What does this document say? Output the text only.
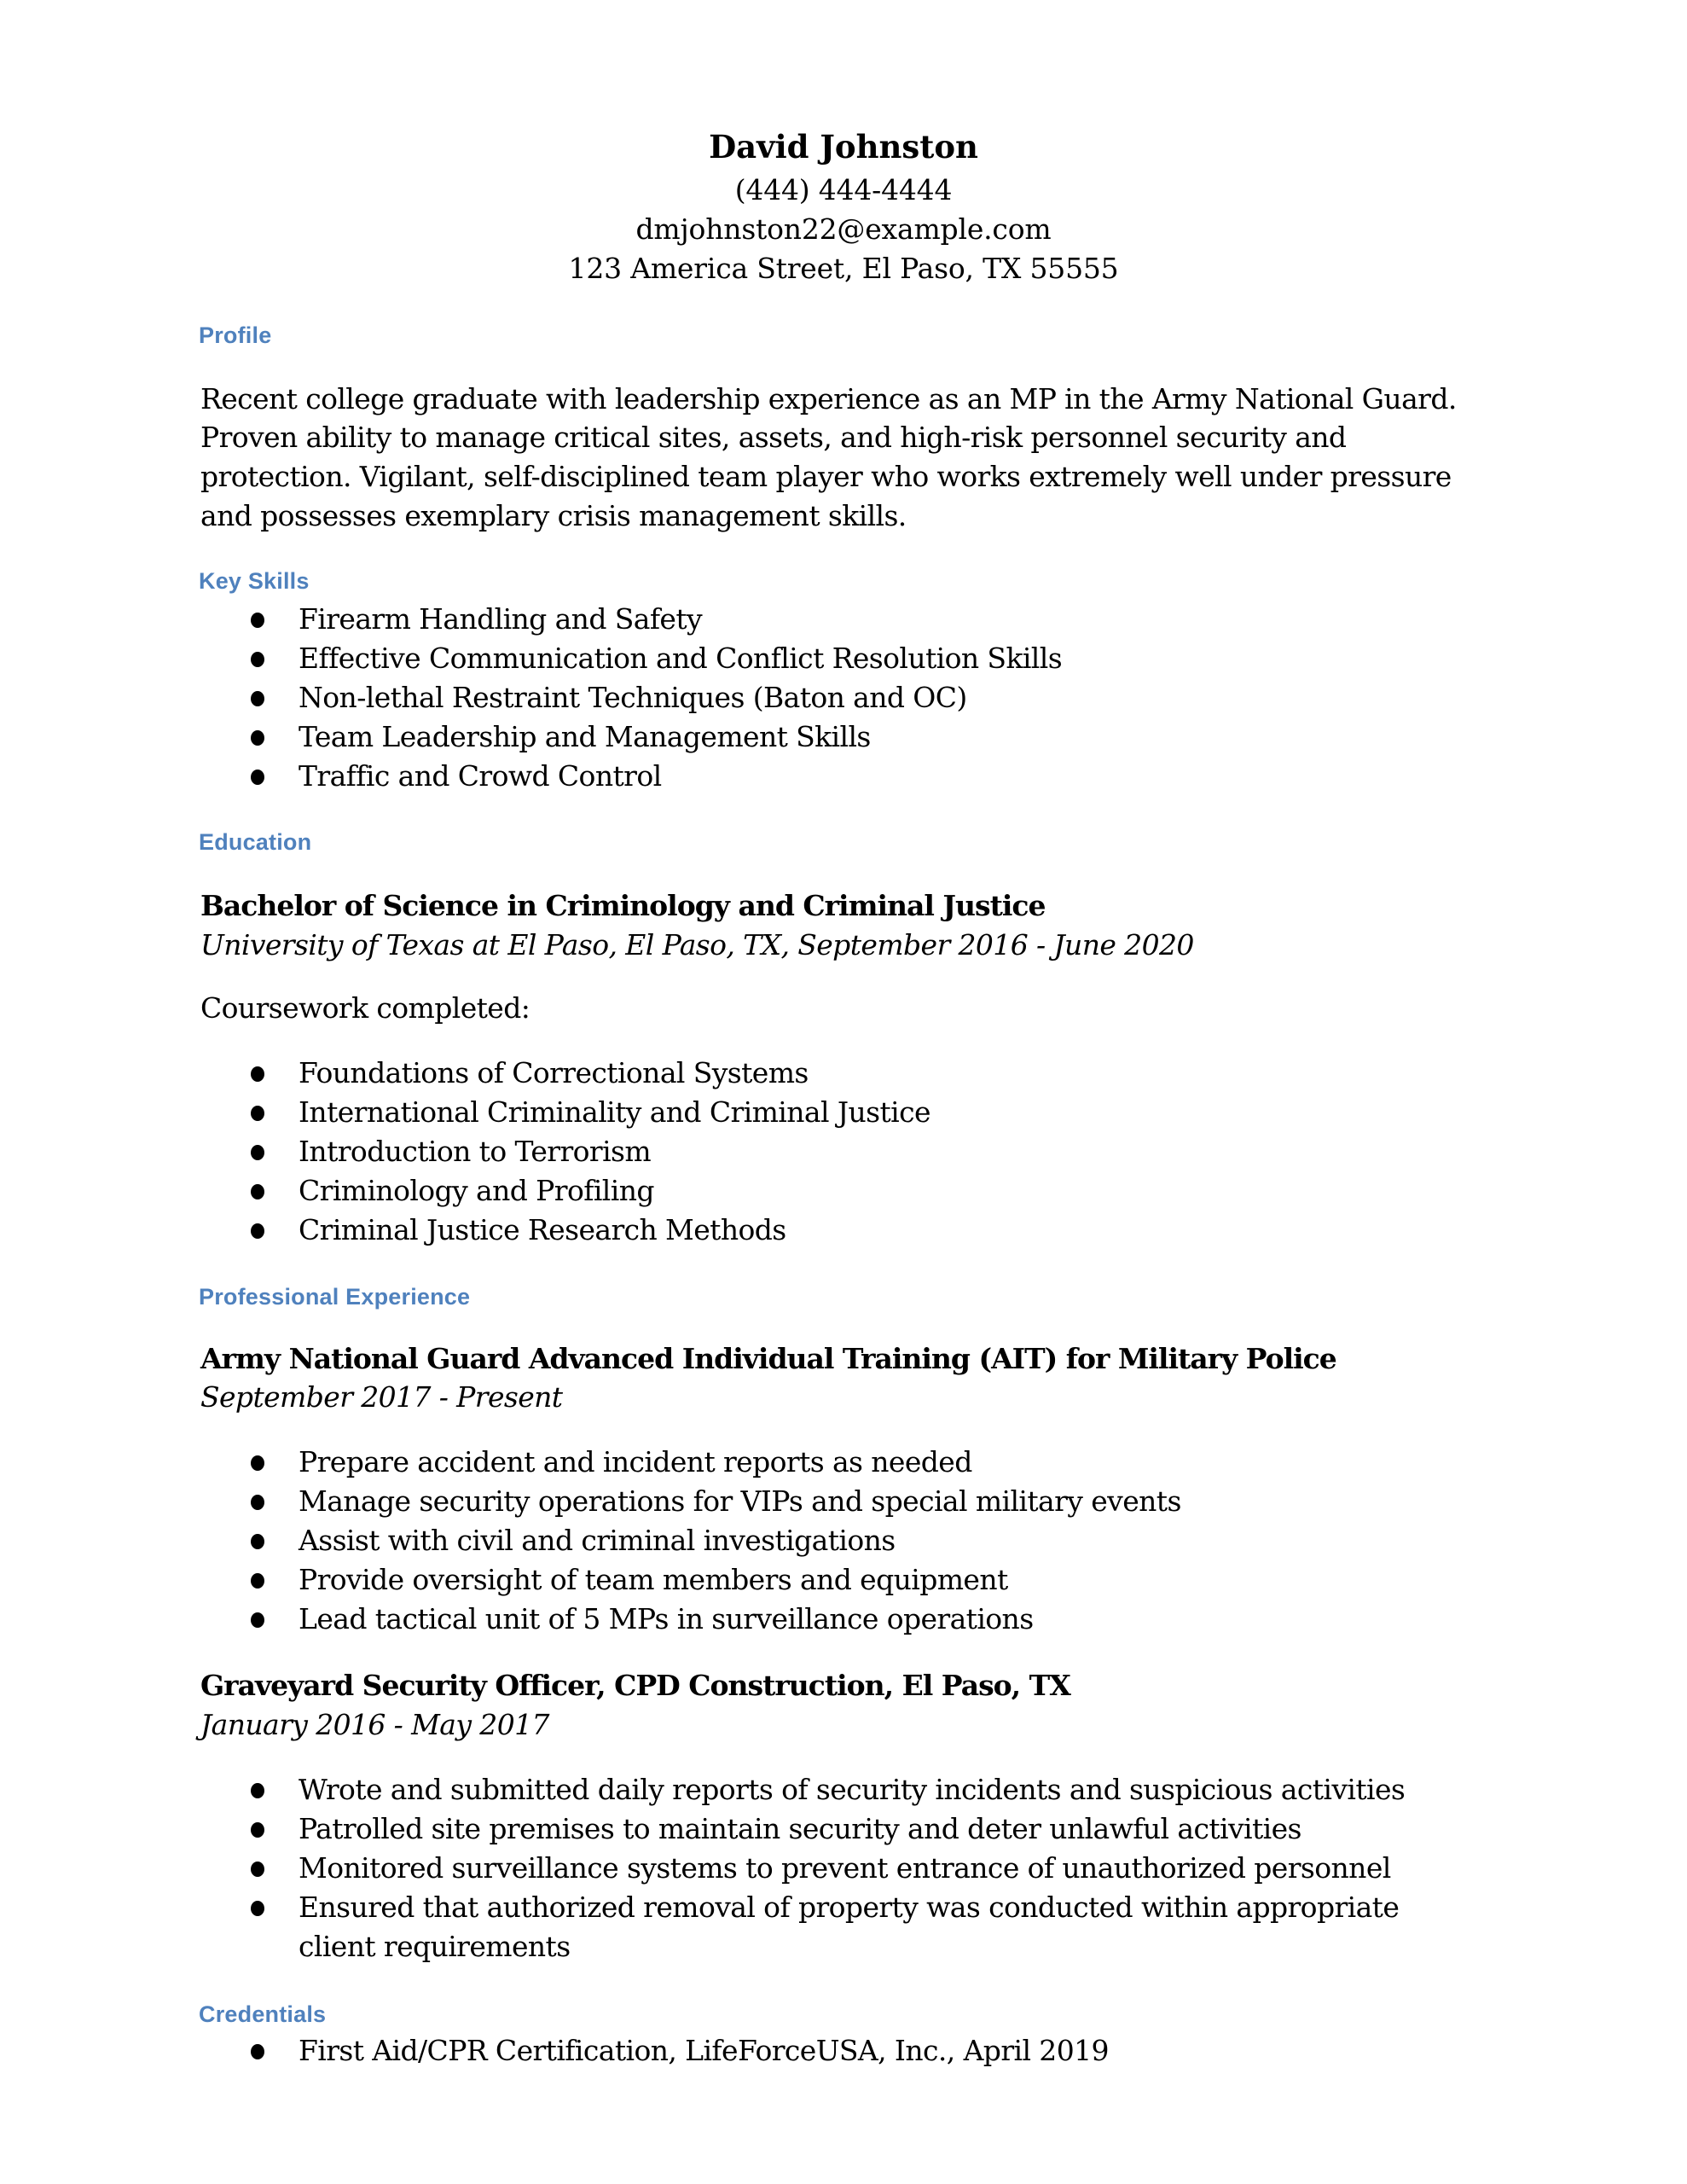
David Johnston
(444) 444-4444
dmjohnston22@example.com
123 America Street, El Paso, TX 55555
Profile
Recent college graduate with leadership experience as an MP in the Army National Guard.
Proven ability to manage critical sites, assets, and high-risk personnel security and
protection. Vigilant, self-disciplined team player who works extremely well under pressure
and possesses exemplary crisis management skills.
Key Skills
Firearm Handling and Safety
Effective Communication and Conflict Resolution Skills
Non-lethal Restraint Techniques (Baton and OC)
Team Leadership and Management Skills
Traffic and Crowd Control
Education
Bachelor of Science in Criminology and Criminal Justice
University of Texas at El Paso, El Paso, TX, September 2016 - June 2020
Coursework completed:
Foundations of Correctional Systems
International Criminality and Criminal Justice
Introduction to Terrorism
Criminology and Profiling
Criminal Justice Research Methods
Professional Experience
Army National Guard Advanced Individual Training (AIT) for Military Police
September 2017 - Present
Prepare accident and incident reports as needed
Manage security operations for VIPs and special military events
Assist with civil and criminal investigations
Provide oversight of team members and equipment
Lead tactical unit of 5 MPs in surveillance operations
Graveyard Security Officer, CPD Construction, El Paso, TX
January 2016 - May 2017
Wrote and submitted daily reports of security incidents and suspicious activities
Patrolled site premises to maintain security and deter unlawful activities
Monitored surveillance systems to prevent entrance of unauthorized personnel
Ensured that authorized removal of property was conducted within appropriate
client requirements
Credentials
First Aid/CPR Certification, LifeForceUSA, Inc., April 2019
